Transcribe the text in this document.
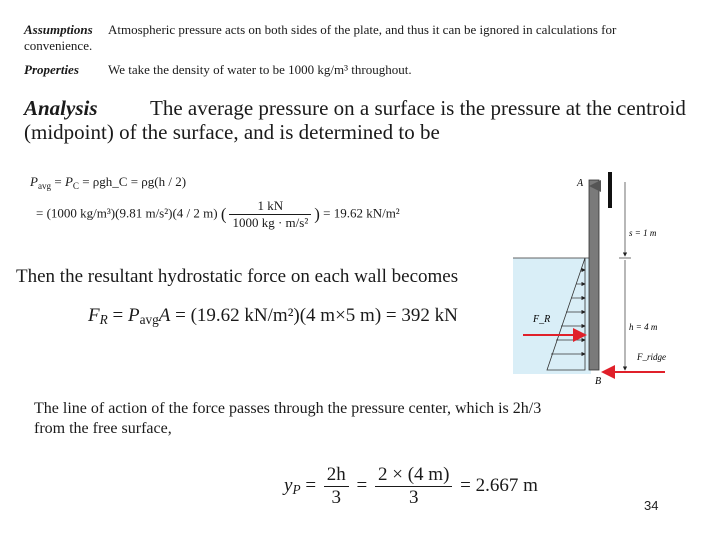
Assumptions Atmospheric pressure acts on both sides of the plate, and thus it can be ignored in calculations for
convenience.
Properties We take the density of water to be 1000 kg/m³ throughout.
Analysis The average pressure on a surface is the pressure at the centroid
(midpoint) of the surface, and is determined to be
$P_{avg} = P_C$ = ρgh_C = ρg(h / 2)
= (1000 kg/m³)(9.81 m/s²)(4 / 2 m) ( $\frac{1 kN}{\text{1000 kg · m/s²}}$ ) = 19.62 kN/m²
Then the resultant hydrostatic force on each wall becomes
$F_R = P_{avg}A = (19.62$ kN/m²)(4 m×5 m) = 392 kN
The line of action of the force passes through the pressure center, which is 2h/3
from the free surface,
$y_P = \frac{2h}{3} = \frac{2 \times (4 m)}{3} = 2.667$ m
A
B
s = 1 m
h = 4 m
F_R
F_ridge
34
